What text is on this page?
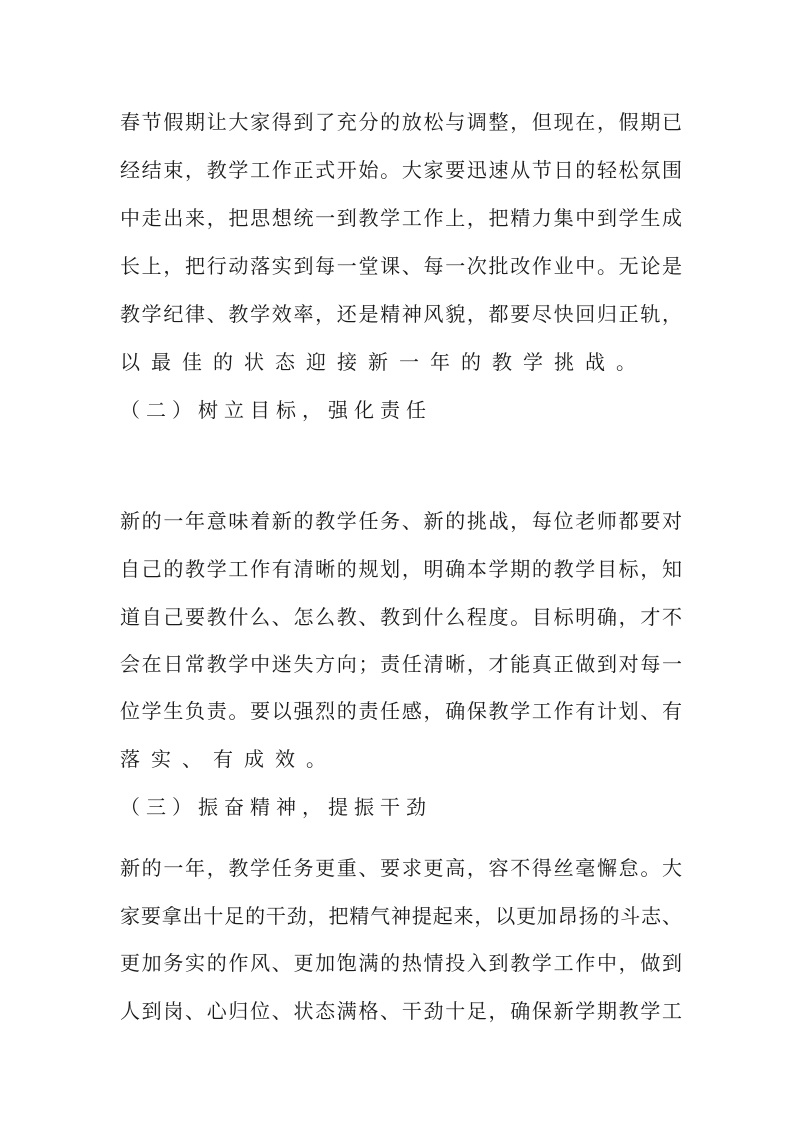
春节假期让大家得到了充分的放松与调整，但现在，假期已
经结束，教学工作正式开始。大家要迅速从节日的轻松氛围
中走出来，把思想统一到教学工作上，把精力集中到学生成
长上，把行动落实到每一堂课、每一次批改作业中。无论是
教学纪律、教学效率，还是精神风貌，都要尽快回归正轨，
以最佳的状态迎接新一年的教学挑战。
（二）树立目标，强化责任
新的一年意味着新的教学任务、新的挑战，每位老师都要对
自己的教学工作有清晰的规划，明确本学期的教学目标，知
道自己要教什么、怎么教、教到什么程度。目标明确，才不
会在日常教学中迷失方向；责任清晰，才能真正做到对每一
位学生负责。要以强烈的责任感，确保教学工作有计划、有
落实、有成效。
（三）振奋精神，提振干劲
新的一年，教学任务更重、要求更高，容不得丝毫懈怠。大
家要拿出十足的干劲，把精气神提起来，以更加昂扬的斗志、
更加务实的作风、更加饱满的热情投入到教学工作中，做到
人到岗、心归位、状态满格、干劲十足，确保新学期教学工
